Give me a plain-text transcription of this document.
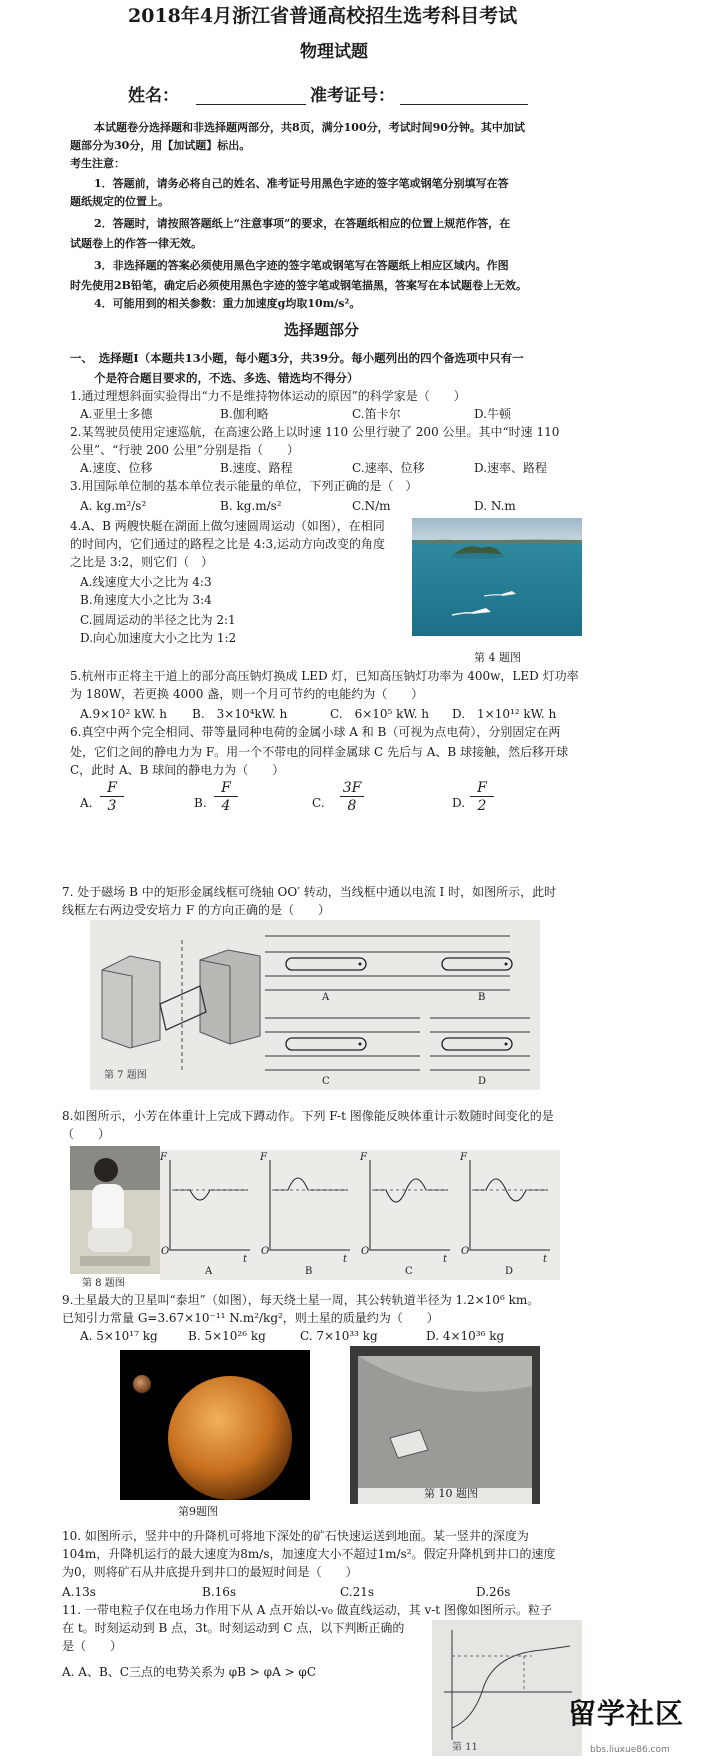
2018年4月浙江省普通高校招生选考科目考试
物理试题
姓名：	准考证号：
本试题卷分选择题和非选择题两部分，共8页，满分100分，考试时间90分钟。其中加试
题部分为30分，用【加试题】标出。
考生注意：
1．答题前，请务必将自己的姓名、准考证号用黑色字迹的签字笔或钢笔分别填写在答
题纸规定的位置上。
2．答题时，请按照答题纸上“注意事项”的要求，在答题纸相应的位置上规范作答，在
试题卷上的作答一律无效。
3．非选择题的答案必须使用黑色字迹的签字笔或钢笔写在答题纸上相应区域内。作图
时先使用2B铅笔，确定后必须使用黑色字迹的签字笔或钢笔描黑，答案写在本试题卷上无效。
4．可能用到的相关参数：重力加速度g均取10m/s²。
选择题部分
一、　选择题Ⅰ（本题共13小题，每小题3分，共39分。每小题列出的四个备选项中只有一
个是符合题目要求的，不选、多选、错选均不得分）
1.通过理想斜面实验得出“力不是维持物体运动的原因”的科学家是（　　）
A.亚里士多德	B.伽利略	C.笛卡尔	D.牛顿
2.某驾驶员使用定速巡航，在高速公路上以时速 110 公里行驶了 200 公里。其中“时速 110
公里”、“行驶 200 公里”分别是指（　　）
A.速度、位移	B.速度、路程	C.速率、位移	D.速率、路程
3.用国际单位制的基本单位表示能量的单位，下列正确的是（　）
A. kg.m²/s²	B. kg.m/s²	C.N/m	D. N.m
4.A、B 两艘快艇在湖面上做匀速圆周运动（如图），在相同
的时间内，它们通过的路程之比是 4:3,运动方向改变的角度
之比是 3:2，则它们（　）
A.线速度大小之比为 4:3
B.角速度大小之比为 3:4
C.圆周运动的半径之比为 2:1
D.向心加速度大小之比为 1:2
第 4 题图
5.杭州市正将主干道上的部分高压钠灯换成 LED 灯，已知高压钠灯功率为 400w，LED 灯功率
为 180W，若更换 4000 盏，则一个月可节约的电能约为（　　）
A.9×10² kW. h B.　3×10⁴kW. h	C.　6×10⁵ kW. h D.　1×10¹² kW. h
6.真空中两个完全相同、带等量同种电荷的金属小球 A 和 B（可视为点电荷），分别固定在两
处，它们之间的静电力为 F。用一个不带电的同样金属球 C 先后与 A、B 球接触，然后移开球
C，此时 A、B 球间的静电力为（　　）
A. $\frac{F}{3}$	B. $\frac{F}{4}$	C. $\frac{3F}{8}$	D. $\frac{F}{2}$
7. 处于磁场 B 中的矩形金属线框可绕轴 OO′ 转动，当线框中通以电流 I 时，如图所示，此时
线框左右两边受安培力 F 的方向正确的是（　　）
第 7 题图
A	B
C	D
8.如图所示，小芳在体重计上完成下蹲动作。下列 F-t 图像能反映体重计示数随时间变化的是
（　　）
第 8 题图
F	F	F	F
t	t	t	t
O	O	O	O
A	B	C	D
9.土星最大的卫星叫“泰坦”（如图），每天绕土星一周，其公转轨道半径为 1.2×10⁶ km。
已知引力常量 G=3.67×10⁻¹¹ N.m²/kg²，则土星的质量约为（　　）
A. 5×10¹⁷ kg	B. 5×10²⁶ kg	C. 7×10³³ kg	D. 4×10³⁶ kg
第9题图
第 10 题图
10. 如图所示，竖井中的升降机可将地下深处的矿石快速运送到地面。某一竖井的深度为
104m，升降机运行的最大速度为8m/s，加速度大小不超过1m/s²。假定升降机到井口的速度
为0，则将矿石从井底提升到井口的最短时间是（　　）
A.13s	B.16s	C.21s	D.26s
11. 一带电粒子仅在电场力作用下从 A 点开始以-v₀ 做直线运动，其 v-t 图像如图所示。粒子
在 t。时刻运动到 B 点，3t。时刻运动到 C 点，以下判断正确的
是（　　）
A. A、B、C三点的电势关系为 φB > φA > φC
第 11
留学社区
bbs.liuxue86.com
